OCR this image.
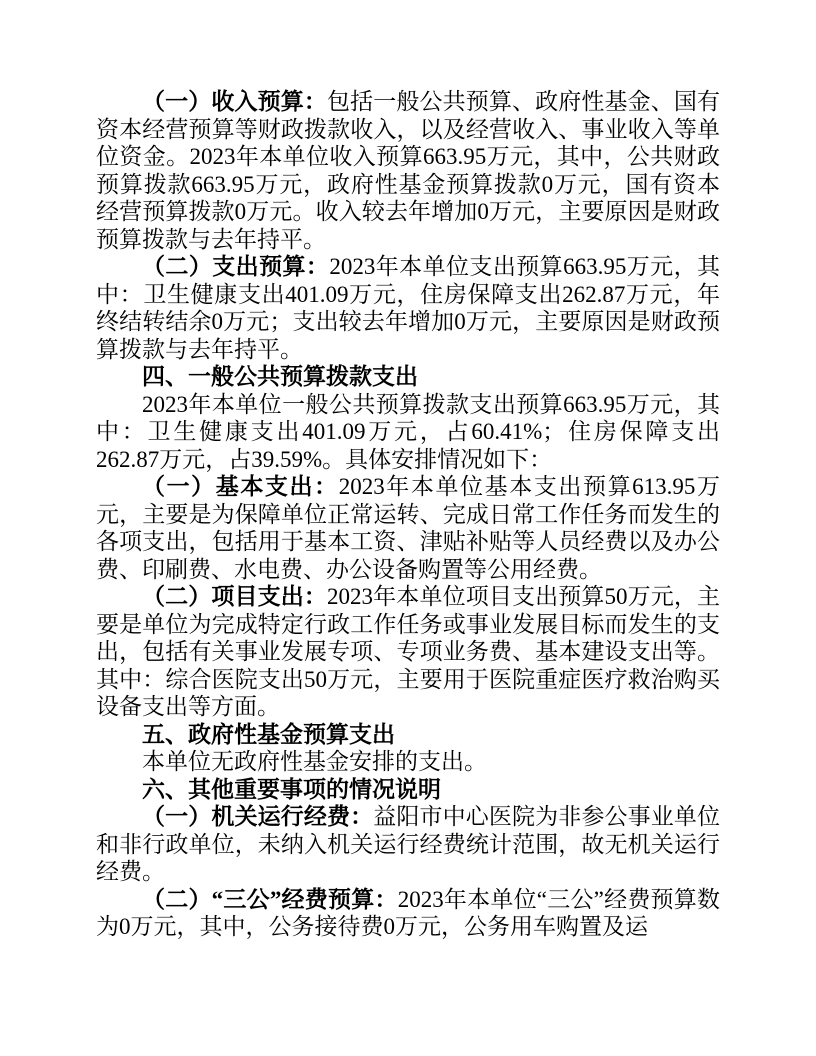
（一）收入预算：包括一般公共预算、政府性基金、国有资本经营预算等财政拨款收入，以及经营收入、事业收入等单位资金。2023年本单位收入预算663.95万元，其中，公共财政预算拨款663.95万元，政府性基金预算拨款0万元，国有资本经营预算拨款0万元。收入较去年增加0万元，主要原因是财政预算拨款与去年持平。

（二）支出预算：2023年本单位支出预算663.95万元，其中：卫生健康支出401.09万元，住房保障支出262.87万元，年终结转结余0万元；支出较去年增加0万元，主要原因是财政预算拨款与去年持平。

四、一般公共预算拨款支出

2023年本单位一般公共预算拨款支出预算663.95万元，其中：卫生健康支出401.09万元，占60.41%；住房保障支出262.87万元，占39.59%。具体安排情况如下：

（一）基本支出：2023年本单位基本支出预算613.95万元，主要是为保障单位正常运转、完成日常工作任务而发生的各项支出，包括用于基本工资、津贴补贴等人员经费以及办公费、印刷费、水电费、办公设备购置等公用经费。

（二）项目支出：2023年本单位项目支出预算50万元，主要是单位为完成特定行政工作任务或事业发展目标而发生的支出，包括有关事业发展专项、专项业务费、基本建设支出等。其中：综合医院支出50万元，主要用于医院重症医疗救治购买设备支出等方面。

五、政府性基金预算支出

本单位无政府性基金安排的支出。

六、其他重要事项的情况说明

（一）机关运行经费：益阳市中心医院为非参公事业单位和非行政单位，未纳入机关运行经费统计范围，故无机关运行经费。

（二）“三公”经费预算：2023年本单位“三公”经费预算数为0万元，其中，公务接待费0万元，公务用车购置及运
